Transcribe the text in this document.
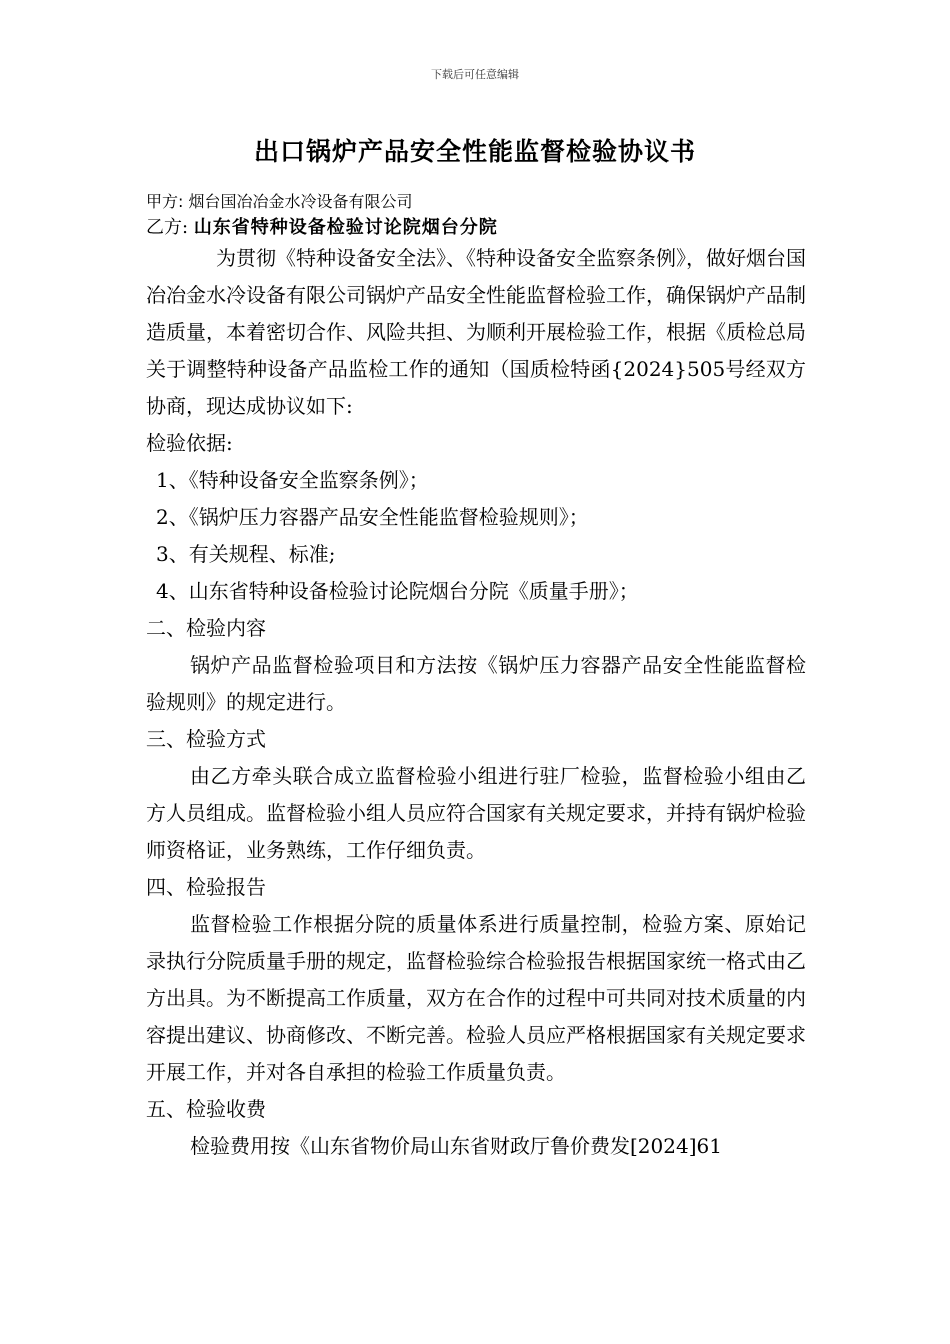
下载后可任意编辑
出口锅炉产品安全性能监督检验协议书
甲方: 烟台国冶冶金水冷设备有限公司
乙方: 山东省特种设备检验讨论院烟台分院

为贯彻《特种设备安全法》、《特种设备安全监察条例》，做好烟台国冶冶金水冷设备有限公司锅炉产品安全性能监督检验工作，确保锅炉产品制造质量，本着密切合作、风险共担、为顺利开展检验工作，根据《质检总局关于调整特种设备产品监检工作的通知（国质检特函{2024}505号经双方协商，现达成协议如下:

检验依据:

1、《特种设备安全监察条例》；

2、《锅炉压力容器产品安全性能监督检验规则》；

3、有关规程、标准;

4、山东省特种设备检验讨论院烟台分院《质量手册》；

二、检验内容

锅炉产品监督检验项目和方法按《锅炉压力容器产品安全性能监督检验规则》的规定进行。

三、检验方式

由乙方牵头联合成立监督检验小组进行驻厂检验，监督检验小组由乙方人员组成。监督检验小组人员应符合国家有关规定要求，并持有锅炉检验师资格证，业务熟练，工作仔细负责。

四、检验报告

监督检验工作根据分院的质量体系进行质量控制，检验方案、原始记录执行分院质量手册的规定，监督检验综合检验报告根据国家统一格式由乙方出具。为不断提高工作质量，双方在合作的过程中可共同对技术质量的内容提出建议、协商修改、不断完善。检验人员应严格根据国家有关规定要求开展工作，并对各自承担的检验工作质量负责。

五、检验收费

检验费用按《山东省物价局山东省财政厅鲁价费发[2024]61
